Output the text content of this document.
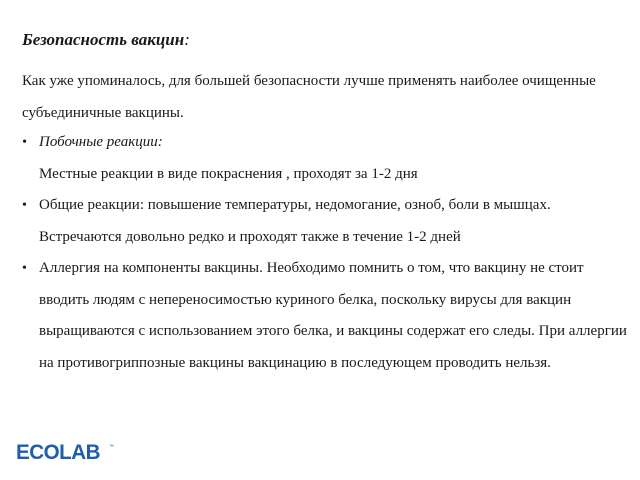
Безопасность вакцин:
Как уже упоминалось, для большей безопасности лучше применять наиболее очищенные субъединичные вакцины.
• Побочные реакции:
Местные реакции в виде покраснения , проходят за 1-2 дня
• Общие реакции: повышение температуры, недомогание, озноб, боли в мышцах. Встречаются довольно редко и проходят также в течение 1-2 дней
• Аллергия на компоненты вакцины. Необходимо помнить о том, что вакцину не стоит вводить людям с непереносимостью куриного белка, поскольку вирусы для вакцин выращиваются с использованием этого белка, и вакцины содержат его следы. При аллергии на противогриппозные вакцины вакцинацию в последующем проводить нельзя.
ECOLAB ™
